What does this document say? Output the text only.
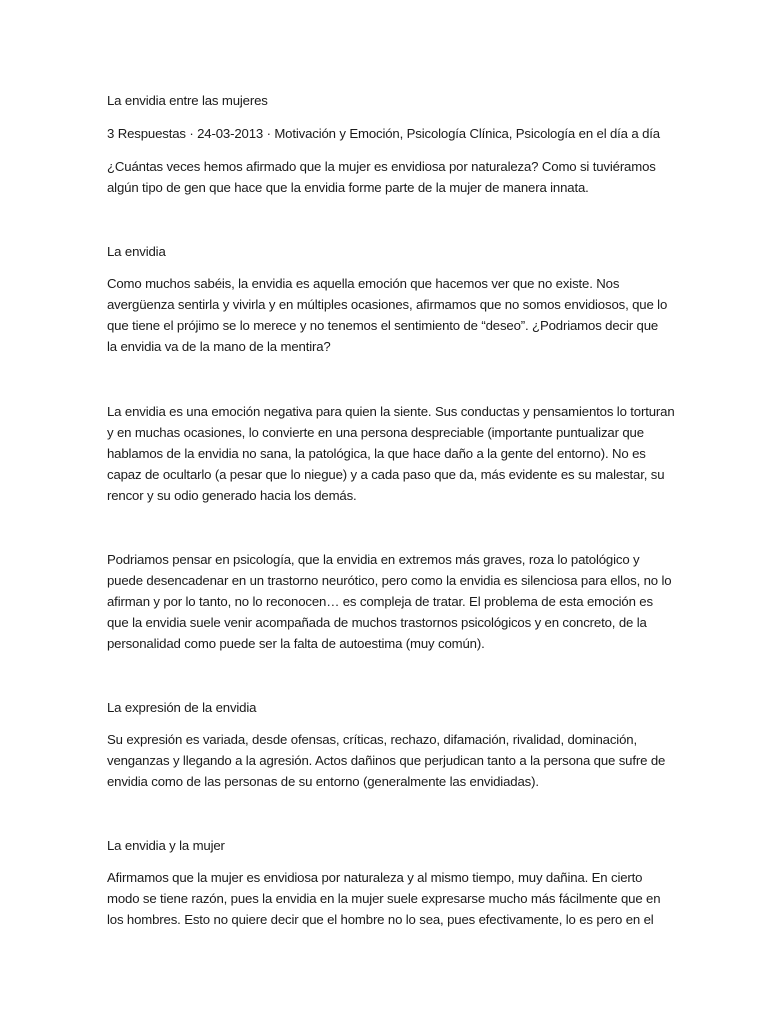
La envidia entre las mujeres
3 Respuestas · 24-03-2013 · Motivación y Emoción, Psicología Clínica, Psicología en el día a día
¿Cuántas veces hemos afirmado que la mujer es envidiosa por naturaleza? Como si tuviéramos
algún tipo de gen que hace que la envidia forme parte de la mujer de manera innata.
La envidia
Como muchos sabéis, la envidia es aquella emoción que hacemos ver que no existe. Nos
avergüenza sentirla y vivirla y en múltiples ocasiones, afirmamos que no somos envidiosos, que lo
que tiene el prójimo se lo merece y no tenemos el sentimiento de “deseo”. ¿Podriamos decir que
la envidia va de la mano de la mentira?
La envidia es una emoción negativa para quien la siente. Sus conductas y pensamientos lo torturan
y en muchas ocasiones, lo convierte en una persona despreciable (importante puntualizar que
hablamos de la envidia no sana, la patológica, la que hace daño a la gente del entorno). No es
capaz de ocultarlo (a pesar que lo niegue) y a cada paso que da, más evidente es su malestar, su
rencor y su odio generado hacia los demás.
Podriamos pensar en psicología, que la envidia en extremos más graves, roza lo patológico y
puede desencadenar en un trastorno neurótico, pero como la envidia es silenciosa para ellos, no lo
afirman y por lo tanto, no lo reconocen… es compleja de tratar. El problema de esta emoción es
que la envidia suele venir acompañada de muchos trastornos psicológicos y en concreto, de la
personalidad como puede ser la falta de autoestima (muy común).
La expresión de la envidia
Su expresión es variada, desde ofensas, críticas, rechazo, difamación, rivalidad, dominación,
venganzas y llegando a la agresión. Actos dañinos que perjudican tanto a la persona que sufre de
envidia como de las personas de su entorno (generalmente las envidiadas).
La envidia y la mujer
Afirmamos que la mujer es envidiosa por naturaleza y al mismo tiempo, muy dañina. En cierto
modo se tiene razón, pues la envidia en la mujer suele expresarse mucho más fácilmente que en
los hombres. Esto no quiere decir que el hombre no lo sea, pues efectivamente, lo es pero en el
